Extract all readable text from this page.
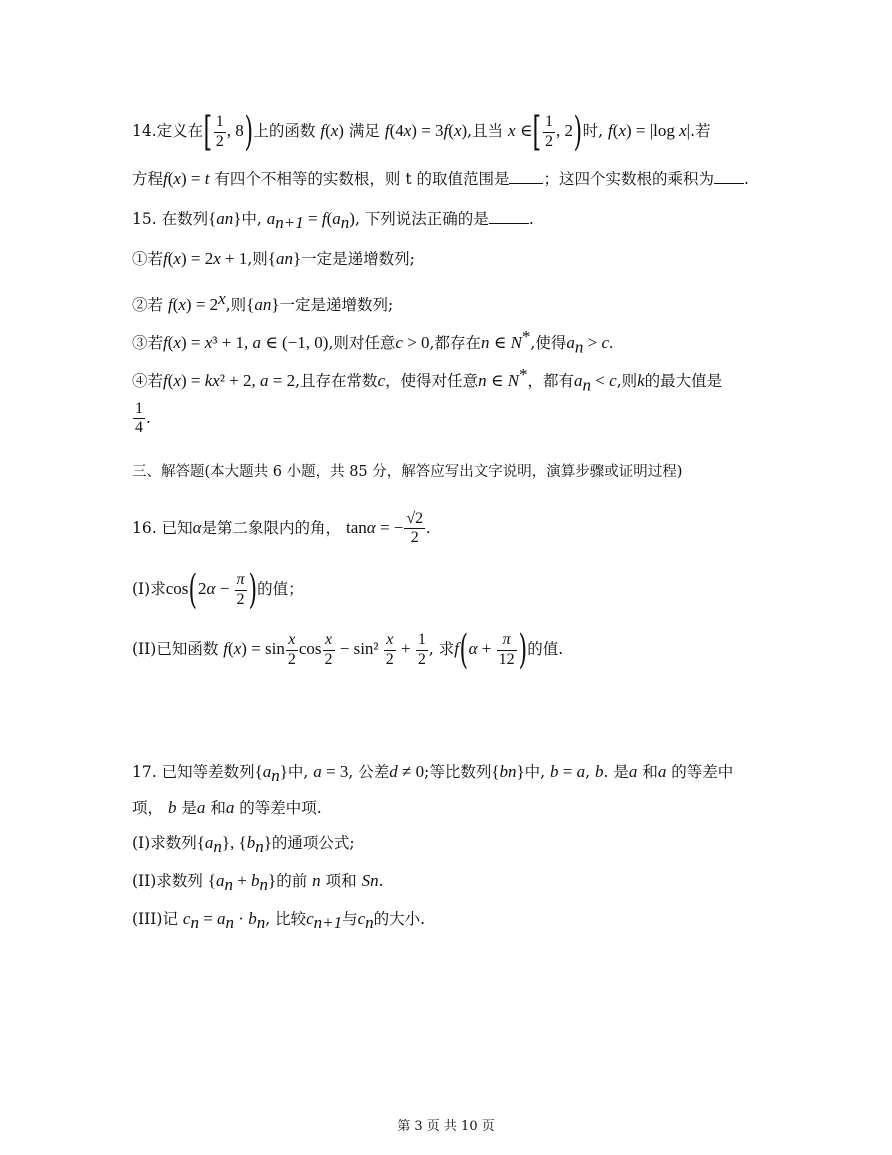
14.定义在[ $\frac{1}{2}$ , 8)上的函数 f(x) 满足 f(4x) = 3f(x),且当 x ∈[ $\frac{1}{2}$ , 2)时, f(x) = |log x|.若
方程f(x) = t 有四个不相等的实数根，则 t 的取值范围是 ；这四个实数根的乘积为 .
15. 在数列{an}中, $a_{n+1} = f(a_n)$, 下列说法正确的是	.
①若f(x) = 2x + 1,则{an}一定是递增数列;
②若 $f(x) = 2^x$,则{an}一定是递增数列;
③若f(x) = x³ + 1, a ∈ (−1, 0),则对任意c > 0,都存在n ∈ N*,使得$a_n > c$.
④若f(x) = kx² + 2, a = 2,且存在常数c，使得对任意n ∈ N*，都有$a_n < c$,则k的最大值是
$\frac{1}{4}$ .
三、解答题(本大题共 6 小题，共 85 分，解答应写出文字说明，演算步骤或证明过程)
16. 已知α是第二象限内的角， tanα = − $\frac{√2}{2}$ .
(I)求$\cos(2\alpha - \frac{\pi}{2}$ )的值；
(II)已知函数 $f(x) = \sin \frac{x}{2}$ $\cos \frac{x}{2} - \sin^2 \frac{x}{2} + \frac{1}{2}$ , 求$f(\alpha + \frac{\pi}{12}$ )的值.
17. 已知等差数列$\{a_n\}$中, a = 3, 公差d ≠ 0;等比数列{bn}中, b = a, b. 是a 和a 的等差中
项， b 是a 和a 的等差中项.
(I)求数列$\{a_n\}$, $\{b_n\}$的通项公式;
(II)求数列 $\{a_n + b_n\}$的前 n 项和 Sn.
(III)记 $c_n = a_n \cdot b_n$, 比较$c_{n+1}$与$c_n$的大小.
第 3 页 共 10 页
